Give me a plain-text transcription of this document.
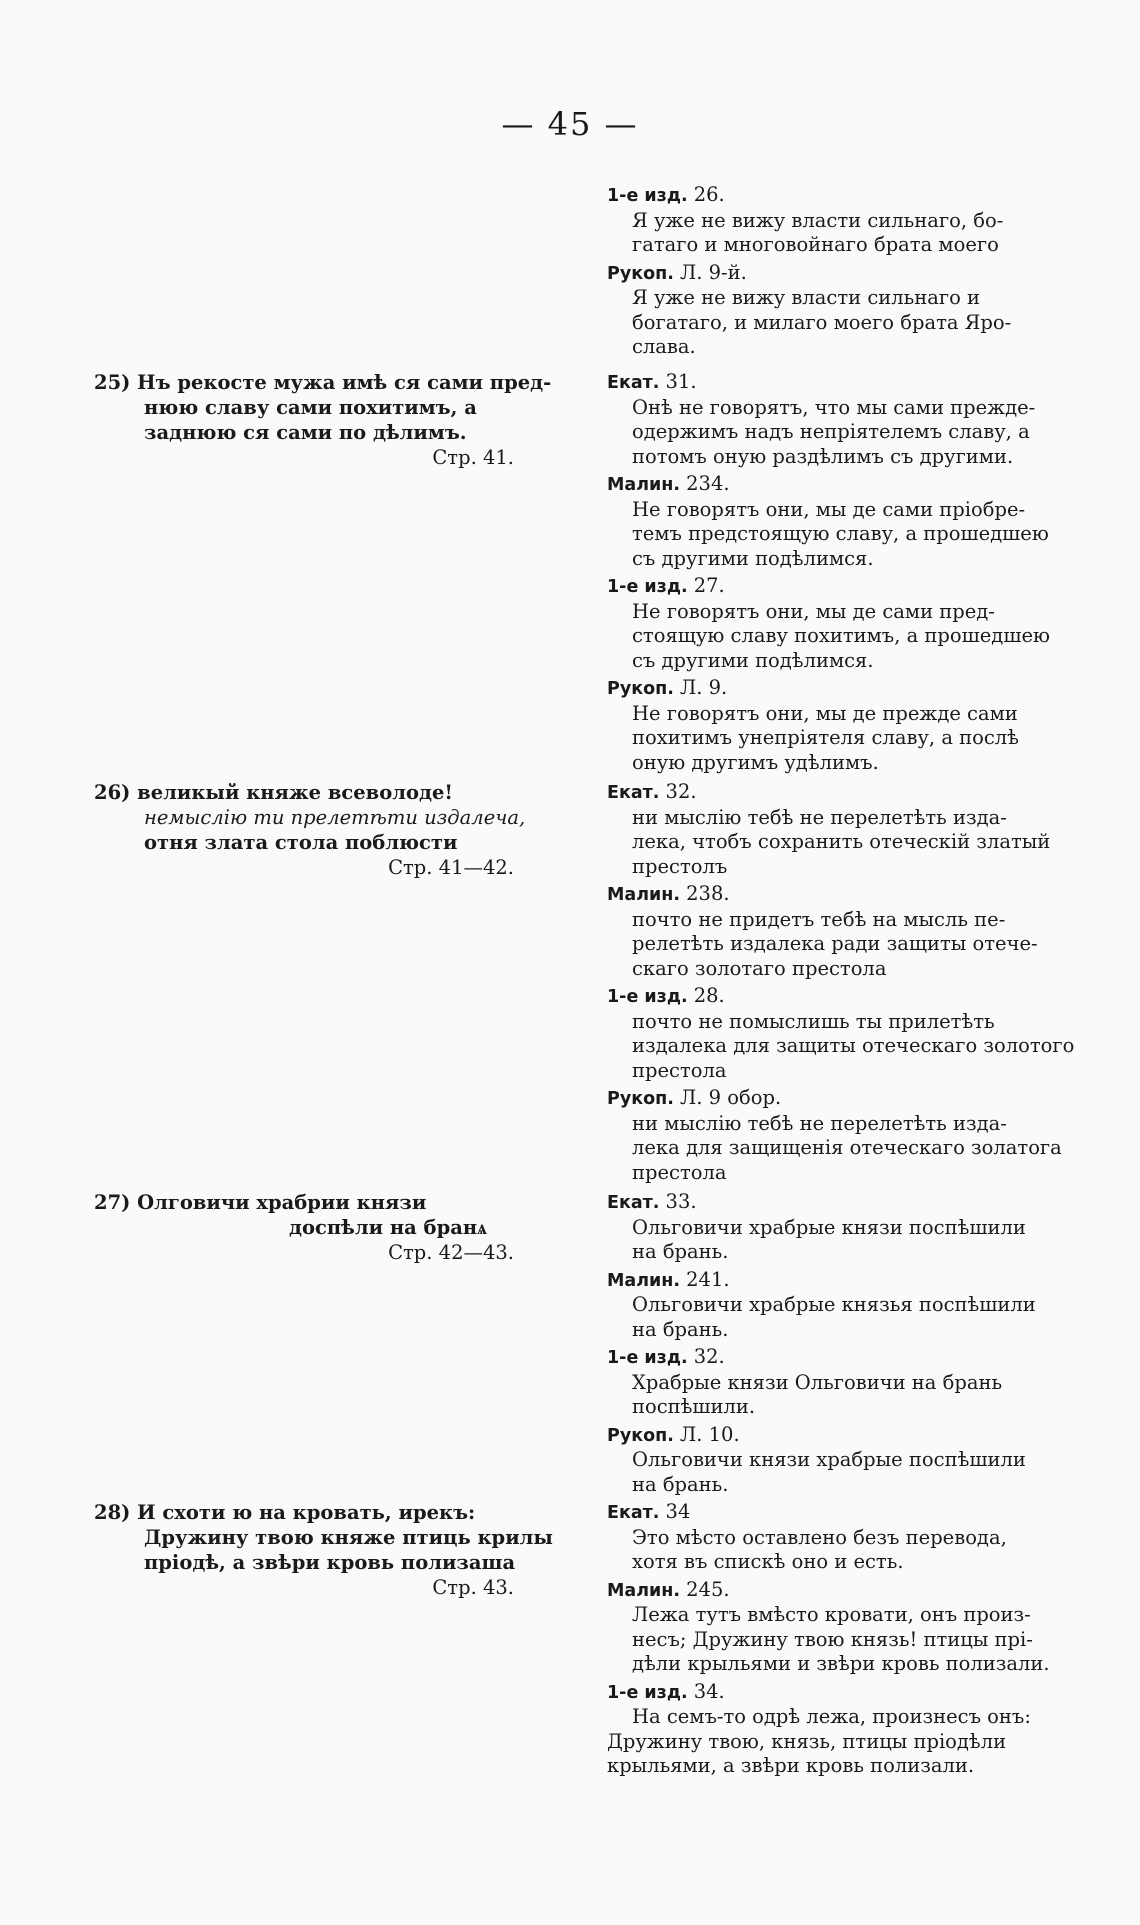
— 45 —
1-е изд. 26.
Я уже не вижу власти сильнаго, бо-
гатаго и многовойнаго брата моего
Рукоп. Л. 9-й.
Я уже не вижу власти сильнаго и
богатаго, и милаго моего брата Яро-
слава.
25) Нъ рекосте мужа имѣ ся сами пред-
нюю славу сами похитимъ, а
заднюю ся сами по дѣлимъ.
Стр. 41.
Екат. 31.
Онѣ не говорятъ, что мы сами прежде-
одержимъ надъ непріятелемъ славу, а
потомъ оную раздѣлимъ съ другими.
Малин. 234.
Не говорятъ они, мы де сами пріобре-
темъ предстоящую славу, а прошедшею
съ другими подѣлимся.
1-е изд. 27.
Не говорятъ они, мы де сами пред-
стоящую славу похитимъ, а прошедшею
съ другими подѣлимся.
Рукоп. Л. 9.
Не говорятъ они, мы де прежде сами
похитимъ унепріятеля славу, а послѣ
оную другимъ удѣлимъ.
26) великый княже всеволоде!
немыслію ти прелетѣти издалеча,
отня злата стола поблюсти
Стр. 41—42.
Екат. 32.
ни мыслію тебѣ не перелетѣть изда-
лека, чтобъ сохранить отеческій златый
престолъ
Малин. 238.
почто не придетъ тебѣ на мысль пе-
релетѣть издалека ради защиты отече-
скаго золотаго престола
1-е изд. 28.
почто не помыслишь ты прилетѣть
издалека для защиты отеческаго золотого
престола
Рукоп. Л. 9 обор.
ни мыслію тебѣ не перелетѣть изда-
лека для защищенія отеческаго золатога
престола
27) Олговичи храбрии князи
доспѣли на бранѧ
Стр. 42—43.
Екат. 33.
Ольговичи храбрые князи поспѣшили
на брань.
Малин. 241.
Ольговичи храбрые князья поспѣшили
на брань.
1-е изд. 32.
Храбрые князи Ольговичи на брань
поспѣшили.
Рукоп. Л. 10.
Ольговичи князи храбрые поспѣшили
на брань.
28) И схоти ю на кровать, ирекъ:
Дружину твою княже птиць крилы
пріодѣ, а звѣри кровь полизаша
Стр. 43.
Екат. 34
Это мѣсто оставлено безъ перевода,
хотя въ спискѣ оно и есть.
Малин. 245.
Лежа тутъ вмѣсто кровати, онъ произ-
несъ; Дружину твою князь! птицы прі-
дѣли крыльями и звѣри кровь полизали.
1-е изд. 34.
На семъ-то одрѣ лежа, произнесъ онъ:
Дружину твою, князь, птицы пріодѣли
крыльями, а звѣри кровь полизали.
